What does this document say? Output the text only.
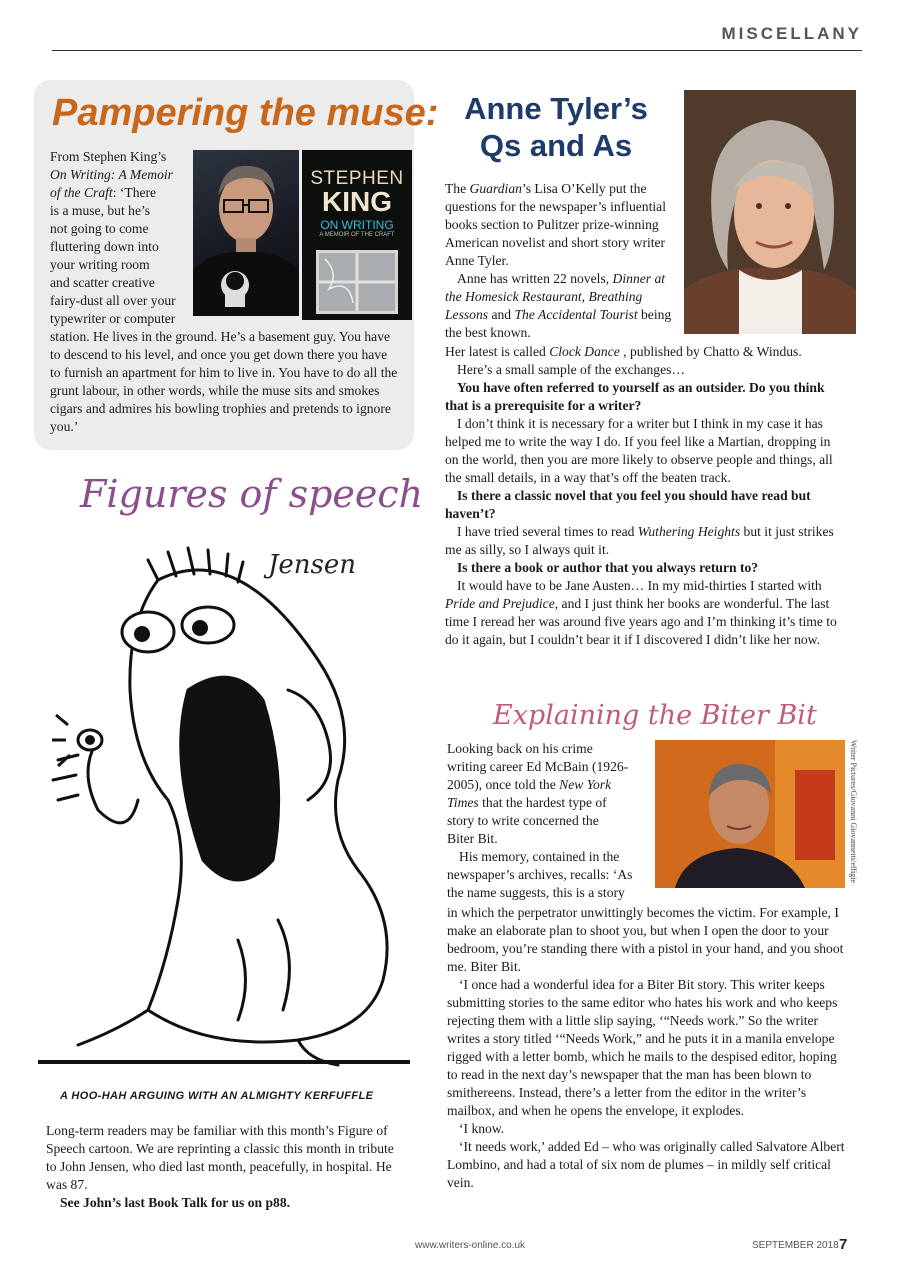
MISCELLANY
Pampering the muse:
STEPHEN
KING
ON WRITING
A MEMOIR OF THE CRAFT
From Stephen King’s
On Writing: A Memoir
of the Craft: ‘There
is a muse, but he’s
not going to come
fluttering down into
your writing room
and scatter creative
fairy-dust all over your
typewriter or computer

station. He lives in the ground. He’s a basement guy. You have to descend to his level, and once you get down there you have to furnish an apartment for him to live in. You have to do all the grunt labour, in other words, while the muse sits and smokes cigars and admires his bowling trophies and pretends to ignore you.’

Figures of speech
Jensen
A HOO-HAH ARGUING WITH AN ALMIGHTY KERFUFFLE

Long-term readers may be familiar with this month’s Figure of Speech cartoon. We are reprinting a classic this month in tribute to John Jensen, who died last month, peacefully, in hospital. He was 87.

See John’s last Book Talk for us on p88.

Anne Tyler’s Qs and As

The Guardian’s Lisa O’Kelly put the questions for the newspaper’s influential books section to Pulitzer prize-winning American novelist and short story writer Anne Tyler.

Anne has written 22 novels, Dinner at the Homesick Restaurant, Breathing Lessons and The Accidental Tourist being the best known.

Her latest is called Clock Dance , published by Chatto & Windus.

Here’s a small sample of the exchanges…

You have often referred to yourself as an outsider. Do you think that is a prerequisite for a writer?

I don’t think it is necessary for a writer but I think in my case it has helped me to write the way I do. If you feel like a Martian, dropping in on the world, then you are more likely to observe people and things, all the small details, in a way that’s off the beaten track.

Is there a classic novel that you feel you should have read but haven’t?

I have tried several times to read Wuthering Heights but it just strikes me as silly, so I always quit it.

Is there a book or author that you always return to?

It would have to be Jane Austen… In my mid-thirties I started with Pride and Prejudice, and I just think her books are wonderful. The last time I reread her was around five years ago and I’m thinking it’s time to do it again, but I couldn’t bear it if I discovered I didn’t like her now.

Explaining the Biter Bit
Writer Pictures/Giovanni Giovannetti/effigie
Looking back on his crime
writing career Ed McBain (1926-
2005), once told the New York
Times that the hardest type of
story to write concerned the
Biter Bit.
His memory, contained in the
newspaper’s archives, recalls: ‘As
the name suggests, this is a story

in which the perpetrator unwittingly becomes the victim. For example, I make an elaborate plan to shoot you, but when I open the door to your bedroom, you’re standing there with a pistol in your hand, and you shoot me. Biter Bit.

‘I once had a wonderful idea for a Biter Bit story. This writer keeps submitting stories to the same editor who hates his work and who keeps rejecting them with a little slip saying, ‘“Needs work.” So the writer writes a story titled ‘“Needs Work,” and he puts it in a manila envelope rigged with a letter bomb, which he mails to the despised editor, hoping to read in the next day’s newspaper that the man has been blown to smithereens. Instead, there’s a letter from the editor in the writer’s mailbox, and when he opens the envelope, it explodes.

‘I know.

‘It needs work,’ added Ed – who was originally called Salvatore Albert Lombino, and had a total of six nom de plumes – in mildly self critical vein.

www.writers-online.co.uk	SEPTEMBER 2018 7
